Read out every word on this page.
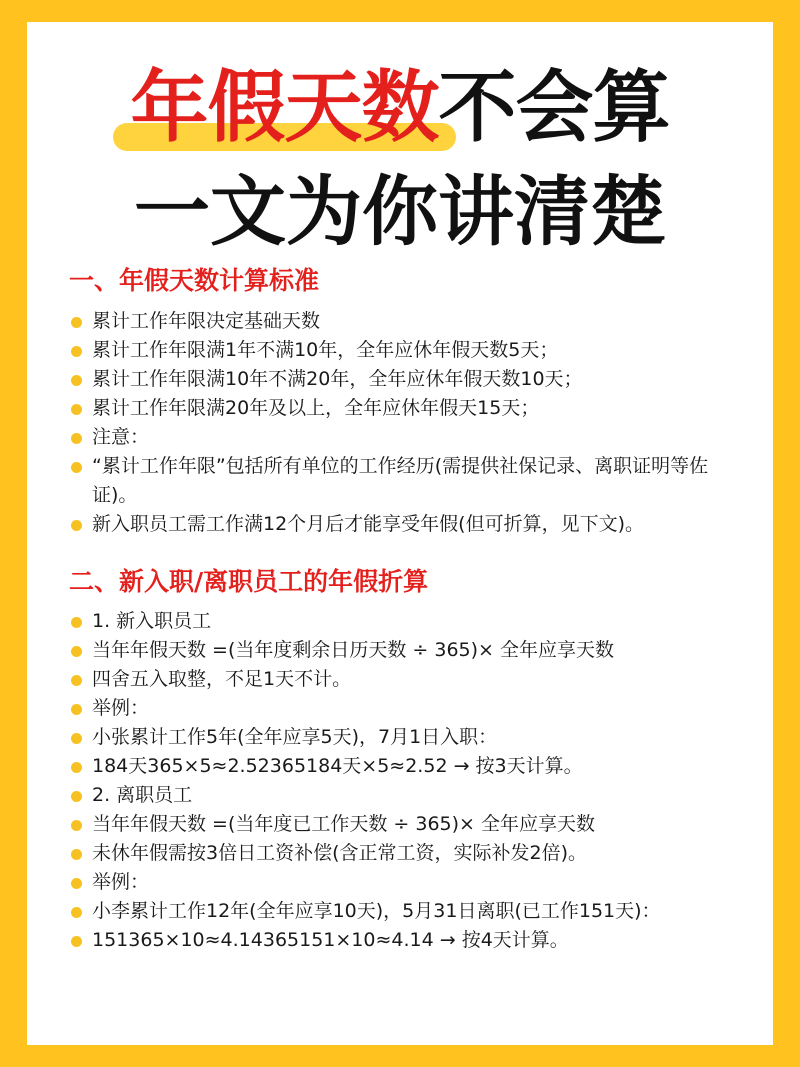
年假天数不会算
一文为你讲清楚
一、年假天数计算标准
累计工作年限决定基础天数
累计工作年限满1年不满10年，全年应休年假天数5天；
累计工作年限满10年不满20年，全年应休年假天数10天；
累计工作年限满20年及以上，全年应休年假天15天；
注意：
“累计工作年限”包括所有单位的工作经历(需提供社保记录、离职证明等佐证)。
新入职员工需工作满12个月后才能享受年假(但可折算，见下文)。
二、新入职/离职员工的年假折算
1. 新入职员工
当年年假天数 =(当年度剩余日历天数 ÷ 365)× 全年应享天数
四舍五入取整，不足1天不计。
举例：
小张累计工作5年(全年应享5天)，7月1日入职：
184天365×5≈2.52365184天×5≈2.52 → 按3天计算。
2. 离职员工
当年年假天数 =(当年度已工作天数 ÷ 365)× 全年应享天数
未休年假需按3倍日工资补偿(含正常工资，实际补发2倍)。
举例：
小李累计工作12年(全年应享10天)，5月31日离职(已工作151天)：
151365×10≈4.14365151×10≈4.14 → 按4天计算。
